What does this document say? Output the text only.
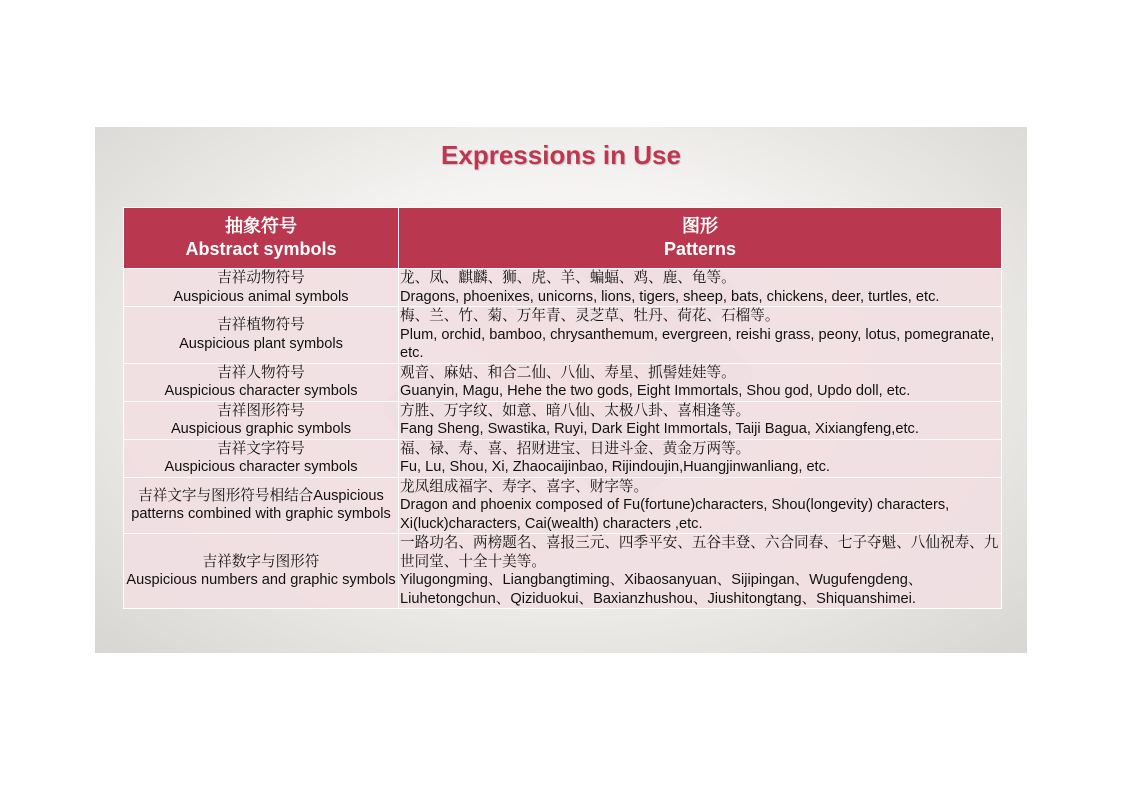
Expressions in Use
抽象符号
Abstract symbols	图形
Patterns

吉祥动物符号
Auspicious animal symbols	龙、凤、麒麟、狮、虎、羊、蝙蝠、鸡、鹿、龟等。
Dragons, phoenixes, unicorns, lions, tigers, sheep, bats, chickens, deer, turtles, etc.

吉祥植物符号
Auspicious plant symbols	梅、兰、竹、菊、万年青、灵芝草、牡丹、荷花、石榴等。
Plum, orchid, bamboo, chrysanthemum, evergreen, reishi grass, peony, lotus, pomegranate, etc.

吉祥人物符号
Auspicious character symbols	观音、麻姑、和合二仙、八仙、寿星、抓髻娃娃等。
Guanyin, Magu, Hehe the two gods, Eight Immortals, Shou god, Updo doll, etc.

吉祥图形符号
Auspicious graphic symbols	方胜、万字纹、如意、暗八仙、太极八卦、喜相逢等。
Fang Sheng, Swastika, Ruyi, Dark Eight Immortals, Taiji Bagua, Xixiangfeng,etc.

吉祥文字符号
Auspicious character symbols	福、禄、寿、喜、招财进宝、日进斗金、黄金万两等。
Fu, Lu, Shou, Xi, Zhaocaijinbao, Rijindoujin,Huangjinwanliang, etc.

吉祥文字与图形符号相结合Auspicious patterns combined with graphic symbols	龙凤组成福字、寿字、喜字、财字等。
Dragon and phoenix composed of Fu(fortune)characters, Shou(longevity) characters, Xi(luck)characters, Cai(wealth) characters ,etc.

吉祥数字与图形符
Auspicious numbers and graphic symbols	一路功名、两榜题名、喜报三元、四季平安、五谷丰登、六合同春、七子夺魁、八仙祝寿、九世同堂、十全十美等。
Yilugongming、Liangbangtiming、Xibaosanyuan、Sijipingan、Wugufengdeng、Liuhetongchun、Qiziduokui、Baxianzhushou、Jiushitongtang、Shiquanshimei.
